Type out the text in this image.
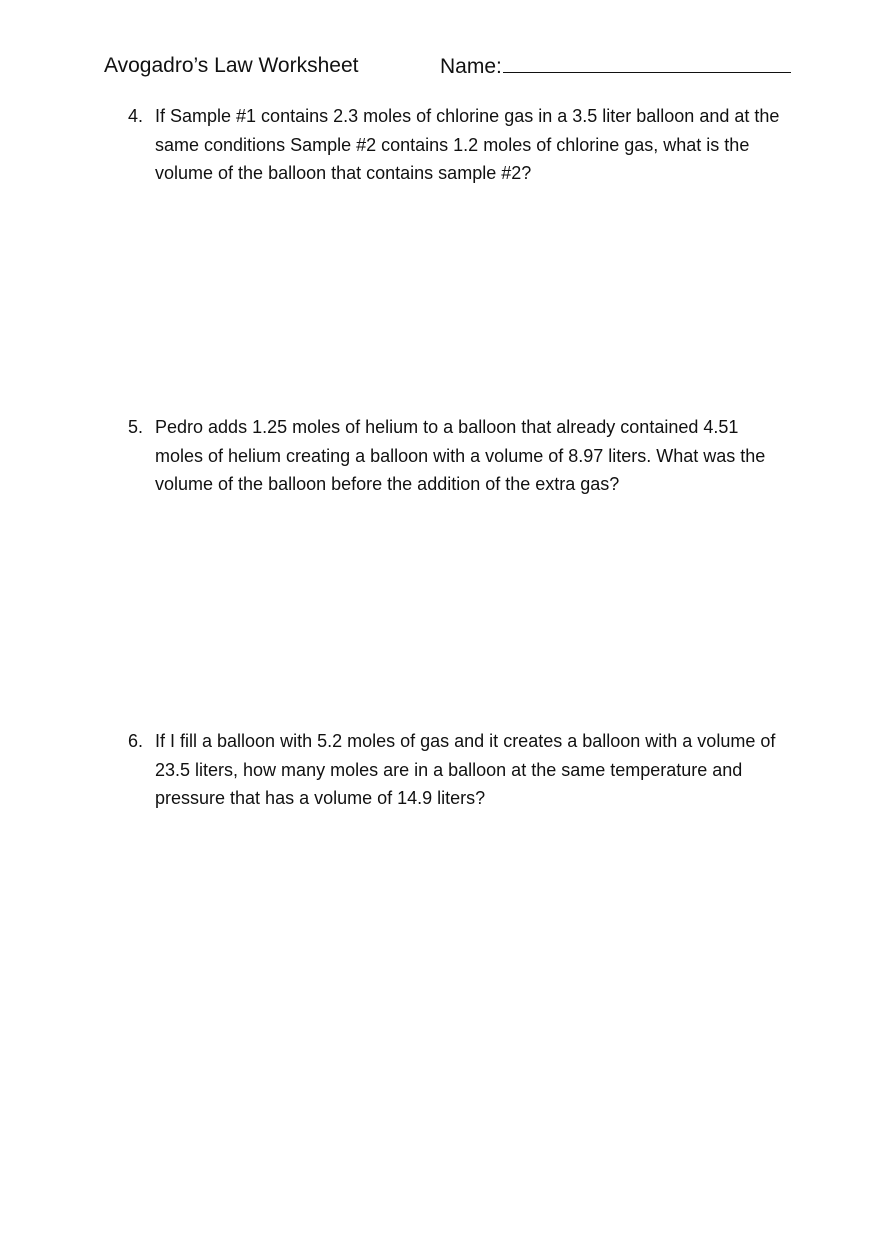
Avogadro’s Law Worksheet	Name:
4. If Sample #1 contains 2.3 moles of chlorine gas in a 3.5 liter balloon and at the same conditions Sample #2 contains 1.2 moles of chlorine gas, what is the volume of the balloon that contains sample #2?
5. Pedro adds 1.25 moles of helium to a balloon that already contained 4.51 moles of helium creating a balloon with a volume of 8.97 liters. What was the volume of the balloon before the addition of the extra gas?
6. If I fill a balloon with 5.2 moles of gas and it creates a balloon with a volume of 23.5 liters, how many moles are in a balloon at the same temperature and pressure that has a volume of 14.9 liters?
